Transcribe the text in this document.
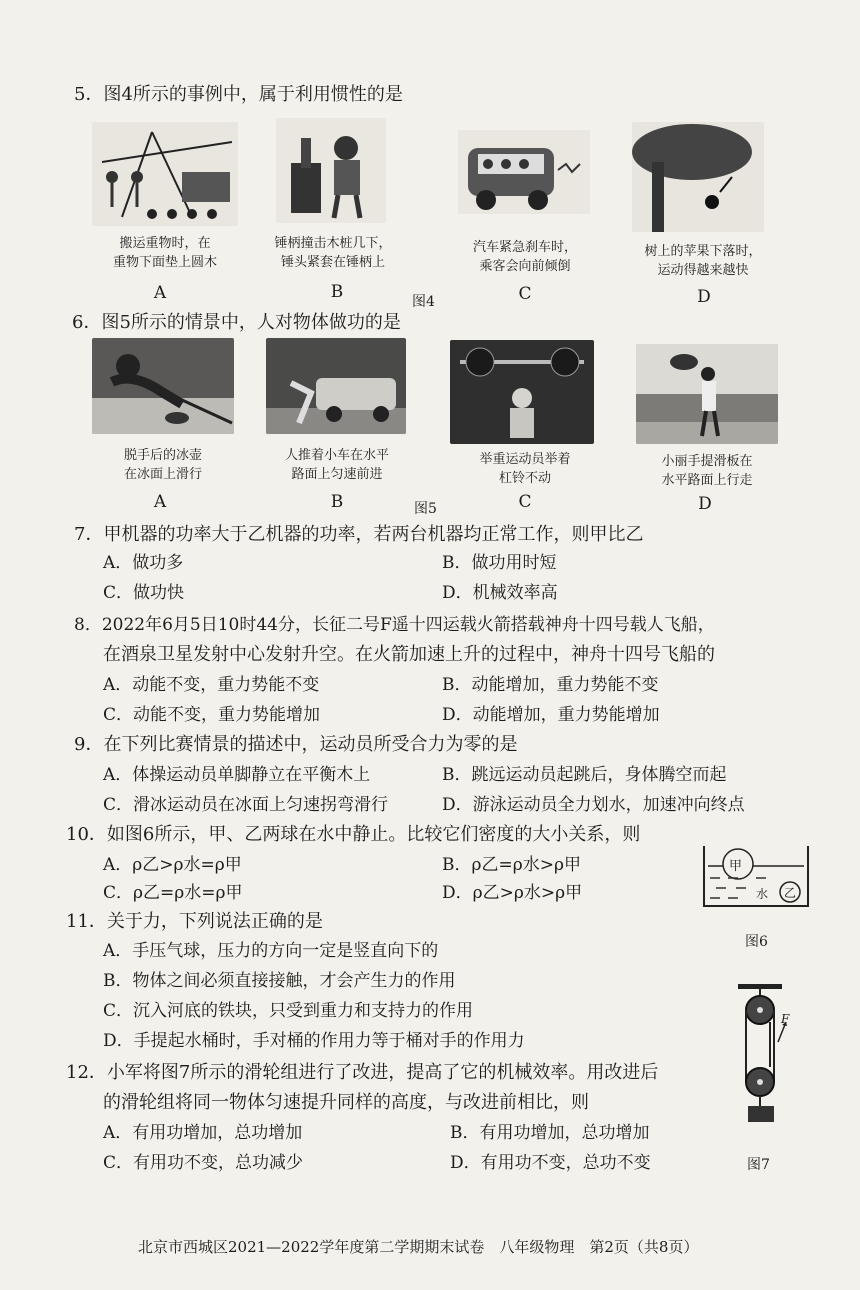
5．图4所示的事例中，属于利用惯性的是
搬运重物时，在
重物下面垫上圆木
锤柄撞击木桩几下，
锤头紧套在锤柄上
汽车紧急刹车时，
乘客会向前倾倒
树上的苹果下落时，
运动得越来越快
A	B	图4	C	D
6．图5所示的情景中，人对物体做功的是
脱手后的冰壶
在冰面上滑行
人推着小车在水平
路面上匀速前进
举重运动员举着
杠铃不动
小丽手提滑板在
水平路面上行走
A	B	图5	C	D
7．甲机器的功率大于乙机器的功率，若两台机器均正常工作，则甲比乙
A．做功多	B．做功用时短
C．做功快	D．机械效率高
8．2022年6月5日10时44分，长征二号F遥十四运载火箭搭载神舟十四号载人飞船，
在酒泉卫星发射中心发射升空。在火箭加速上升的过程中，神舟十四号飞船的
A．动能不变，重力势能不变	B．动能增加，重力势能不变
C．动能不变，重力势能增加	D．动能增加，重力势能增加
9．在下列比赛情景的描述中，运动员所受合力为零的是
A．体操运动员单脚静立在平衡木上	B．跳远运动员起跳后，身体腾空而起
C．滑冰运动员在冰面上匀速拐弯滑行	D．游泳运动员全力划水，加速冲向终点
10．如图6所示，甲、乙两球在水中静止。比较它们密度的大小关系，则
A．ρ乙>ρ水=ρ甲	B．ρ乙=ρ水>ρ甲
C．ρ乙=ρ水=ρ甲	D．ρ乙>ρ水>ρ甲
甲
乙
水
图6
11．关于力，下列说法正确的是
A．手压气球，压力的方向一定是竖直向下的
B．物体之间必须直接接触，才会产生力的作用
C．沉入河底的铁块，只受到重力和支持力的作用
D．手提起水桶时，手对桶的作用力等于桶对手的作用力
F
图7
12．小军将图7所示的滑轮组进行了改进，提高了它的机械效率。用改进后
的滑轮组将同一物体匀速提升同样的高度，与改进前相比，则
A．有用功增加，总功增加	B．有用功增加，总功增加
C．有用功不变，总功减少	D．有用功不变，总功不变
北京市西城区2021—2022学年度第二学期期末试卷　八年级物理　第2页（共8页）
